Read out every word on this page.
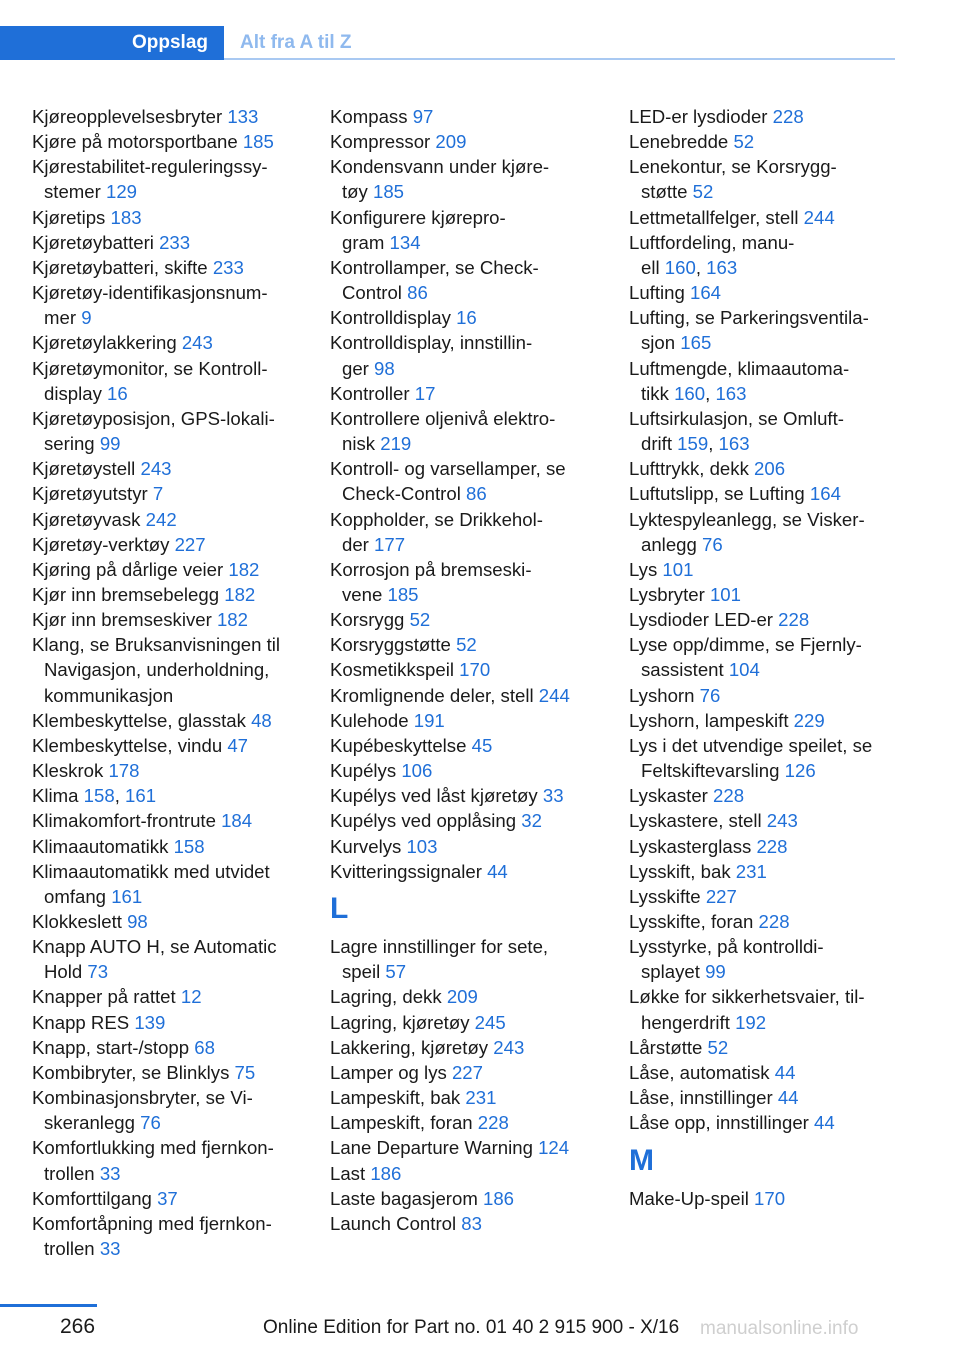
Oppslag	Alt fra A til Z
Kjøreopplevelsesbryter 133
Kjøre på motorsportbane 185
Kjørestabilitet-reguleringssy-
stemer 129
Kjøretips 183
Kjøretøybatteri 233
Kjøretøybatteri, skifte 233
Kjøretøy-identifikasjonsnum-
mer 9
Kjøretøylakkering 243
Kjøretøymonitor, se Kontroll-
display 16
Kjøretøyposisjon, GPS-lokali-
sering 99
Kjøretøystell 243
Kjøretøyutstyr 7
Kjøretøyvask 242
Kjøretøy-verktøy 227
Kjøring på dårlige veier 182
Kjør inn bremsebelegg 182
Kjør inn bremseskiver 182
Klang, se Bruksanvisningen til
Navigasjon, underholdning,
kommunikasjon
Klembeskyttelse, glasstak 48
Klembeskyttelse, vindu 47
Kleskrok 178
Klima 158, 161
Klimakomfort-frontrute 184
Klimaautomatikk 158
Klimaautomatikk med utvidet
omfang 161
Klokkeslett 98
Knapp AUTO H, se Automatic
Hold 73
Knapper på rattet 12
Knapp RES 139
Knapp, start-/stopp 68
Kombibryter, se Blinklys 75
Kombinasjonsbryter, se Vi-
skeranlegg 76
Komfortlukking med fjernkon-
trollen 33
Komforttilgang 37
Komfortåpning med fjernkon-
trollen 33
Kompass 97
Kompressor 209
Kondensvann under kjøre-
tøy 185
Konfigurere kjørepro-
gram 134
Kontrollamper, se Check-
Control 86
Kontrolldisplay 16
Kontrolldisplay, innstillin-
ger 98
Kontroller 17
Kontrollere oljenivå elektro-
nisk 219
Kontroll- og varsellamper, se
Check-Control 86
Koppholder, se Drikkehol-
der 177
Korrosjon på bremseski-
vene 185
Korsrygg 52
Korsryggstøtte 52
Kosmetikkspeil 170
Kromlignende deler, stell 244
Kulehode 191
Kupébeskyttelse 45
Kupélys 106
Kupélys ved låst kjøretøy 33
Kupélys ved opplåsing 32
Kurvelys 103
Kvitteringssignaler 44
L
Lagre innstillinger for sete,
speil 57
Lagring, dekk 209
Lagring, kjøretøy 245
Lakkering, kjøretøy 243
Lamper og lys 227
Lampeskift, bak 231
Lampeskift, foran 228
Lane Departure Warning 124
Last 186
Laste bagasjerom 186
Launch Control 83
LED-er lysdioder 228
Lenebredde 52
Lenekontur, se Korsrygg-
støtte 52
Lettmetallfelger, stell 244
Luftfordeling, manu-
ell 160, 163
Lufting 164
Lufting, se Parkeringsventila-
sjon 165
Luftmengde, klimaautoma-
tikk 160, 163
Luftsirkulasjon, se Omluft-
drift 159, 163
Lufttrykk, dekk 206
Luftutslipp, se Lufting 164
Lyktespyleanlegg, se Visker-
anlegg 76
Lys 101
Lysbryter 101
Lysdioder LED-er 228
Lyse opp/dimme, se Fjernly-
sassistent 104
Lyshorn 76
Lyshorn, lampeskift 229
Lys i det utvendige speilet, se
Feltskiftevarsling 126
Lyskaster 228
Lyskastere, stell 243
Lyskasterglass 228
Lysskift, bak 231
Lysskifte 227
Lysskifte, foran 228
Lysstyrke, på kontrolldi-
splayet 99
Løkke for sikkerhetsvaier, til-
hengerdrift 192
Lårstøtte 52
Låse, automatisk 44
Låse, innstillinger 44
Låse opp, innstillinger 44
M
Make-Up-speil 170
266	Online Edition for Part no. 01 40 2 915 900 - X/16 manualsonline.info
